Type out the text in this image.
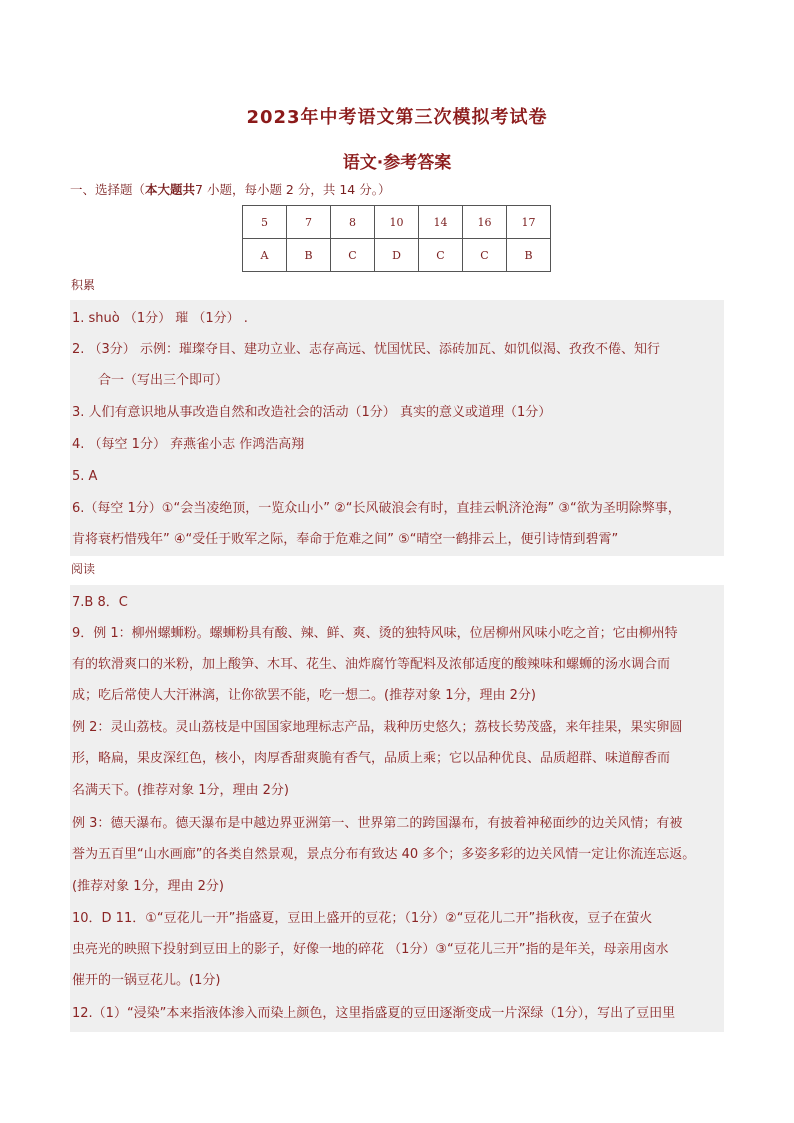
2023年中考语文第三次模拟考试卷
语文·参考答案
一、选择题（本大题共7 小题，每小题 2 分，共 14 分。）
5	7	8	10	14	16	17
A	B	C	D	C	C	B
积累
1. shuò （1分） 璀 （1分） .
2. （3分） 示例：璀璨夺目、建功立业、志存高远、忧国忧民、添砖加瓦、如饥似渴、孜孜不倦、知行
合一（写出三个即可）
3. 人们有意识地从事改造自然和改造社会的活动（1分） 真实的意义或道理（1分）
4. （每空 1分） 弃燕雀小志 作鸿浩高翔
5. A
6.（每空 1分）①“会当凌绝顶，一览众山小” ②“长风破浪会有时，直挂云帆济沧海” ③“欲为圣明除弊事，
肯将衰朽惜残年” ④“受任于败军之际，奉命于危难之间” ⑤“晴空一鹤排云上，便引诗情到碧霄”
阅读
7.B 8．C
9．例 1：柳州螺蛳粉。螺蛳粉具有酸、辣、鲜、爽、烫的独特风味，位居柳州风味小吃之首；它由柳州特
有的软滑爽口的米粉，加上酸笋、木耳、花生、油炸腐竹等配料及浓郁适度的酸辣味和螺蛳的汤水调合而
成；吃后常使人大汗淋漓，让你欲罢不能，吃一想二。(推荐对象 1分，理由 2分)
例 2：灵山荔枝。灵山荔枝是中国国家地理标志产品，栽种历史悠久；荔枝长势茂盛，来年挂果，果实卵圆
形，略扁，果皮深红色，核小，肉厚香甜爽脆有香气，品质上乘；它以品种优良、品质超群、味道醇香而
名满天下。(推荐对象 1分，理由 2分)
例 3：德天瀑布。德天瀑布是中越边界亚洲第一、世界第二的跨国瀑布，有披着神秘面纱的边关风情；有被
誉为五百里“山水画廊”的各类自然景观，景点分布有致达 40 多个；多姿多彩的边关风情一定让你流连忘返。
(推荐对象 1分，理由 2分)
10．D 11．①“豆花儿一开”指盛夏，豆田上盛开的豆花；（1分）②“豆花儿二开”指秋夜，豆子在萤火
虫亮光的映照下投射到豆田上的影子，好像一地的碎花 （1分）③“豆花儿三开”指的是年关，母亲用卤水
催开的一锅豆花儿。(1分)
12.（1）“浸染”本来指液体渗入而染上颜色，这里指盛夏的豆田逐渐变成一片深绿（1分），写出了豆田里
